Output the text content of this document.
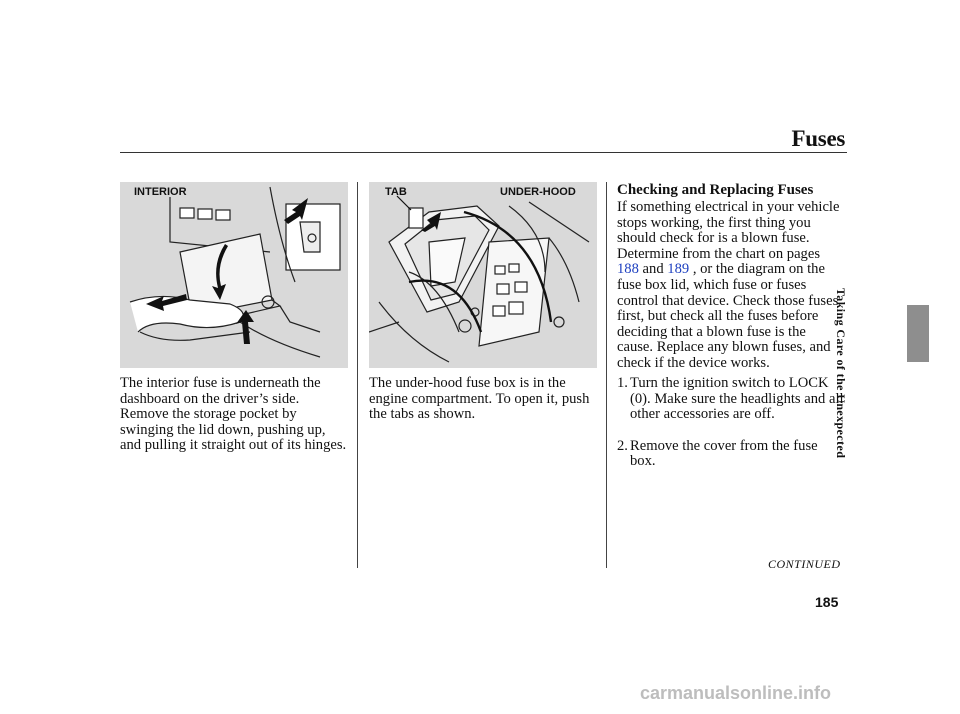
Fuses
INTERIOR	TAB	UNDER-HOOD

The interior fuse is underneath the dashboard on the driver’s side. Remove the storage pocket by swinging the lid down, pushing up, and pulling it straight out of its hinges.

The under-hood fuse box is in the engine compartment. To open it, push the tabs as shown.

Checking and Replacing Fuses

If something electrical in your vehicle stops working, the first thing you should check for is a blown fuse. Determine from the chart on pages 188 and 189 , or the diagram on the fuse box lid, which fuse or fuses control that device. Check those fuses first, but check all the fuses before deciding that a blown fuse is the cause. Replace any blown fuses, and check if the device works.

1. Turn the ignition switch to LOCK (0). Make sure the headlights and all other accessories are off.
2. Remove the cover from the fuse box.
CONTINUED
185
Taking Care of the Unexpected
carmanualsonline.info
